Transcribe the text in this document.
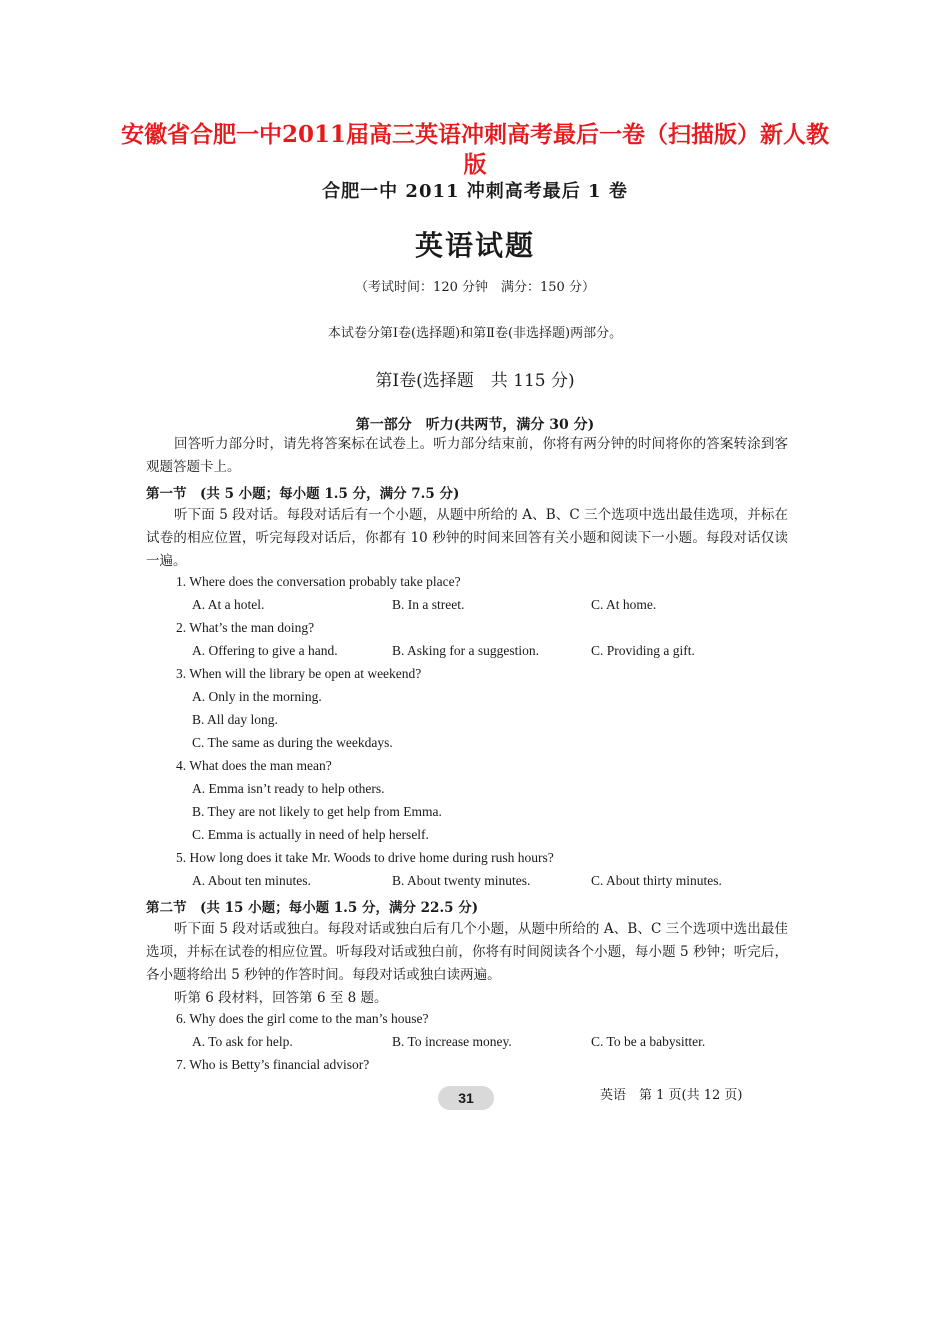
安徽省合肥一中2011届高三英语冲刺高考最后一卷（扫描版）新人教版
合肥一中 2011 冲刺高考最后 1 卷
英语试题
（考试时间：120 分钟　满分：150 分）
本试卷分第Ⅰ卷(选择题)和第Ⅱ卷(非选择题)两部分。
第Ⅰ卷(选择题　共 115 分)
第一部分　听力(共两节，满分 30 分)
回答听力部分时，请先将答案标在试卷上。听力部分结束前，你将有两分钟的时间将你的答案转涂到客观题答题卡上。
第一节　(共 5 小题；每小题 1.5 分，满分 7.5 分)
听下面 5 段对话。每段对话后有一个小题，从题中所给的 A、B、C 三个选项中选出最佳选项，并标在试卷的相应位置，听完每段对话后，你都有 10 秒钟的时间来回答有关小题和阅读下一小题。每段对话仅读一遍。
1. Where does the conversation probably take place?
A. At a hotel.	B. In a street.	C. At home.
2. What’s the man doing?
A. Offering to give a hand.	B. Asking for a suggestion.	C. Providing a gift.
3. When will the library be open at weekend?
A. Only in the morning.
B. All day long.
C. The same as during the weekdays.
4. What does the man mean?
A. Emma isn’t ready to help others.
B. They are not likely to get help from Emma.
C. Emma is actually in need of help herself.
5. How long does it take Mr. Woods to drive home during rush hours?
A. About ten minutes.	B. About twenty minutes.	C. About thirty minutes.
第二节　(共 15 小题；每小题 1.5 分，满分 22.5 分)
听下面 5 段对话或独白。每段对话或独白后有几个小题，从题中所给的 A、B、C 三个选项中选出最佳选项，并标在试卷的相应位置。听每段对话或独白前，你将有时间阅读各个小题，每小题 5 秒钟；听完后，各小题将给出 5 秒钟的作答时间。每段对话或独白读两遍。
听第 6 段材料，回答第 6 至 8 题。
6. Why does the girl come to the man’s house?
A. To ask for help.	B. To increase money.	C. To be a babysitter.
7. Who is Betty’s financial advisor?
31	英语　第 1 页(共 12 页)
